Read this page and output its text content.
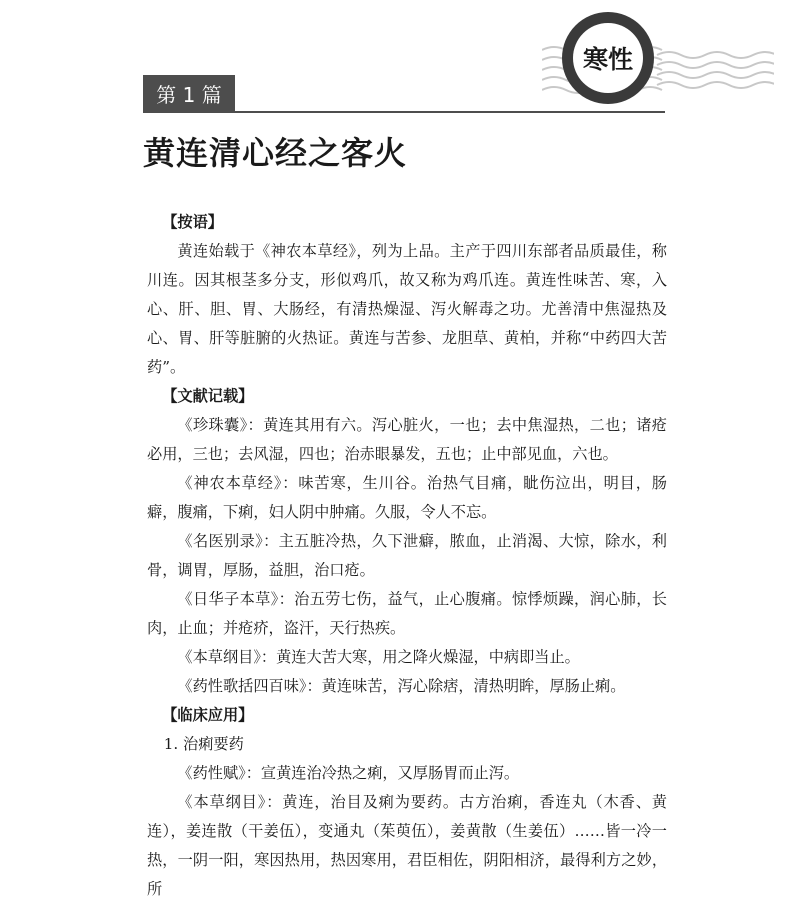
寒性
第 1 篇
黄连清心经之客火

【按语】

黄连始载于《神农本草经》，列为上品。主产于四川东部者品质最佳，称川连。因其根茎多分支，形似鸡爪，故又称为鸡爪连。黄连性味苦、寒，入心、肝、胆、胃、大肠经，有清热燥湿、泻火解毒之功。尤善清中焦湿热及心、胃、肝等脏腑的火热证。黄连与苦参、龙胆草、黄柏，并称“中药四大苦药”。

【文献记载】

《珍珠囊》：黄连其用有六。泻心脏火，一也；去中焦湿热，二也；诸疮必用，三也；去风湿，四也；治赤眼暴发，五也；止中部见血，六也。

《神农本草经》：味苦寒，生川谷。治热气目痛，眦伤泣出，明目，肠癖，腹痛，下痢，妇人阴中肿痛。久服，令人不忘。

《名医别录》：主五脏冷热，久下泄癖，脓血，止消渴、大惊，除水，利骨，调胃，厚肠，益胆，治口疮。

《日华子本草》：治五劳七伤，益气，止心腹痛。惊悸烦躁，润心肺，长肉，止血；并疮疥，盗汗，天行热疾。

《本草纲目》：黄连大苦大寒，用之降火燥湿，中病即当止。

《药性歌括四百味》：黄连味苦，泻心除痞，清热明眸，厚肠止痢。

【临床应用】

1. 治痢要药

《药性赋》：宣黄连治冷热之痢，又厚肠胃而止泻。

《本草纲目》：黄连，治目及痢为要药。古方治痢，香连丸（木香、黄连），姜连散（干姜伍），变通丸（茱萸伍），姜黄散（生姜伍）……皆一冷一热，一阴一阳，寒因热用，热因寒用，君臣相佐，阴阳相济，最得利方之妙，所
